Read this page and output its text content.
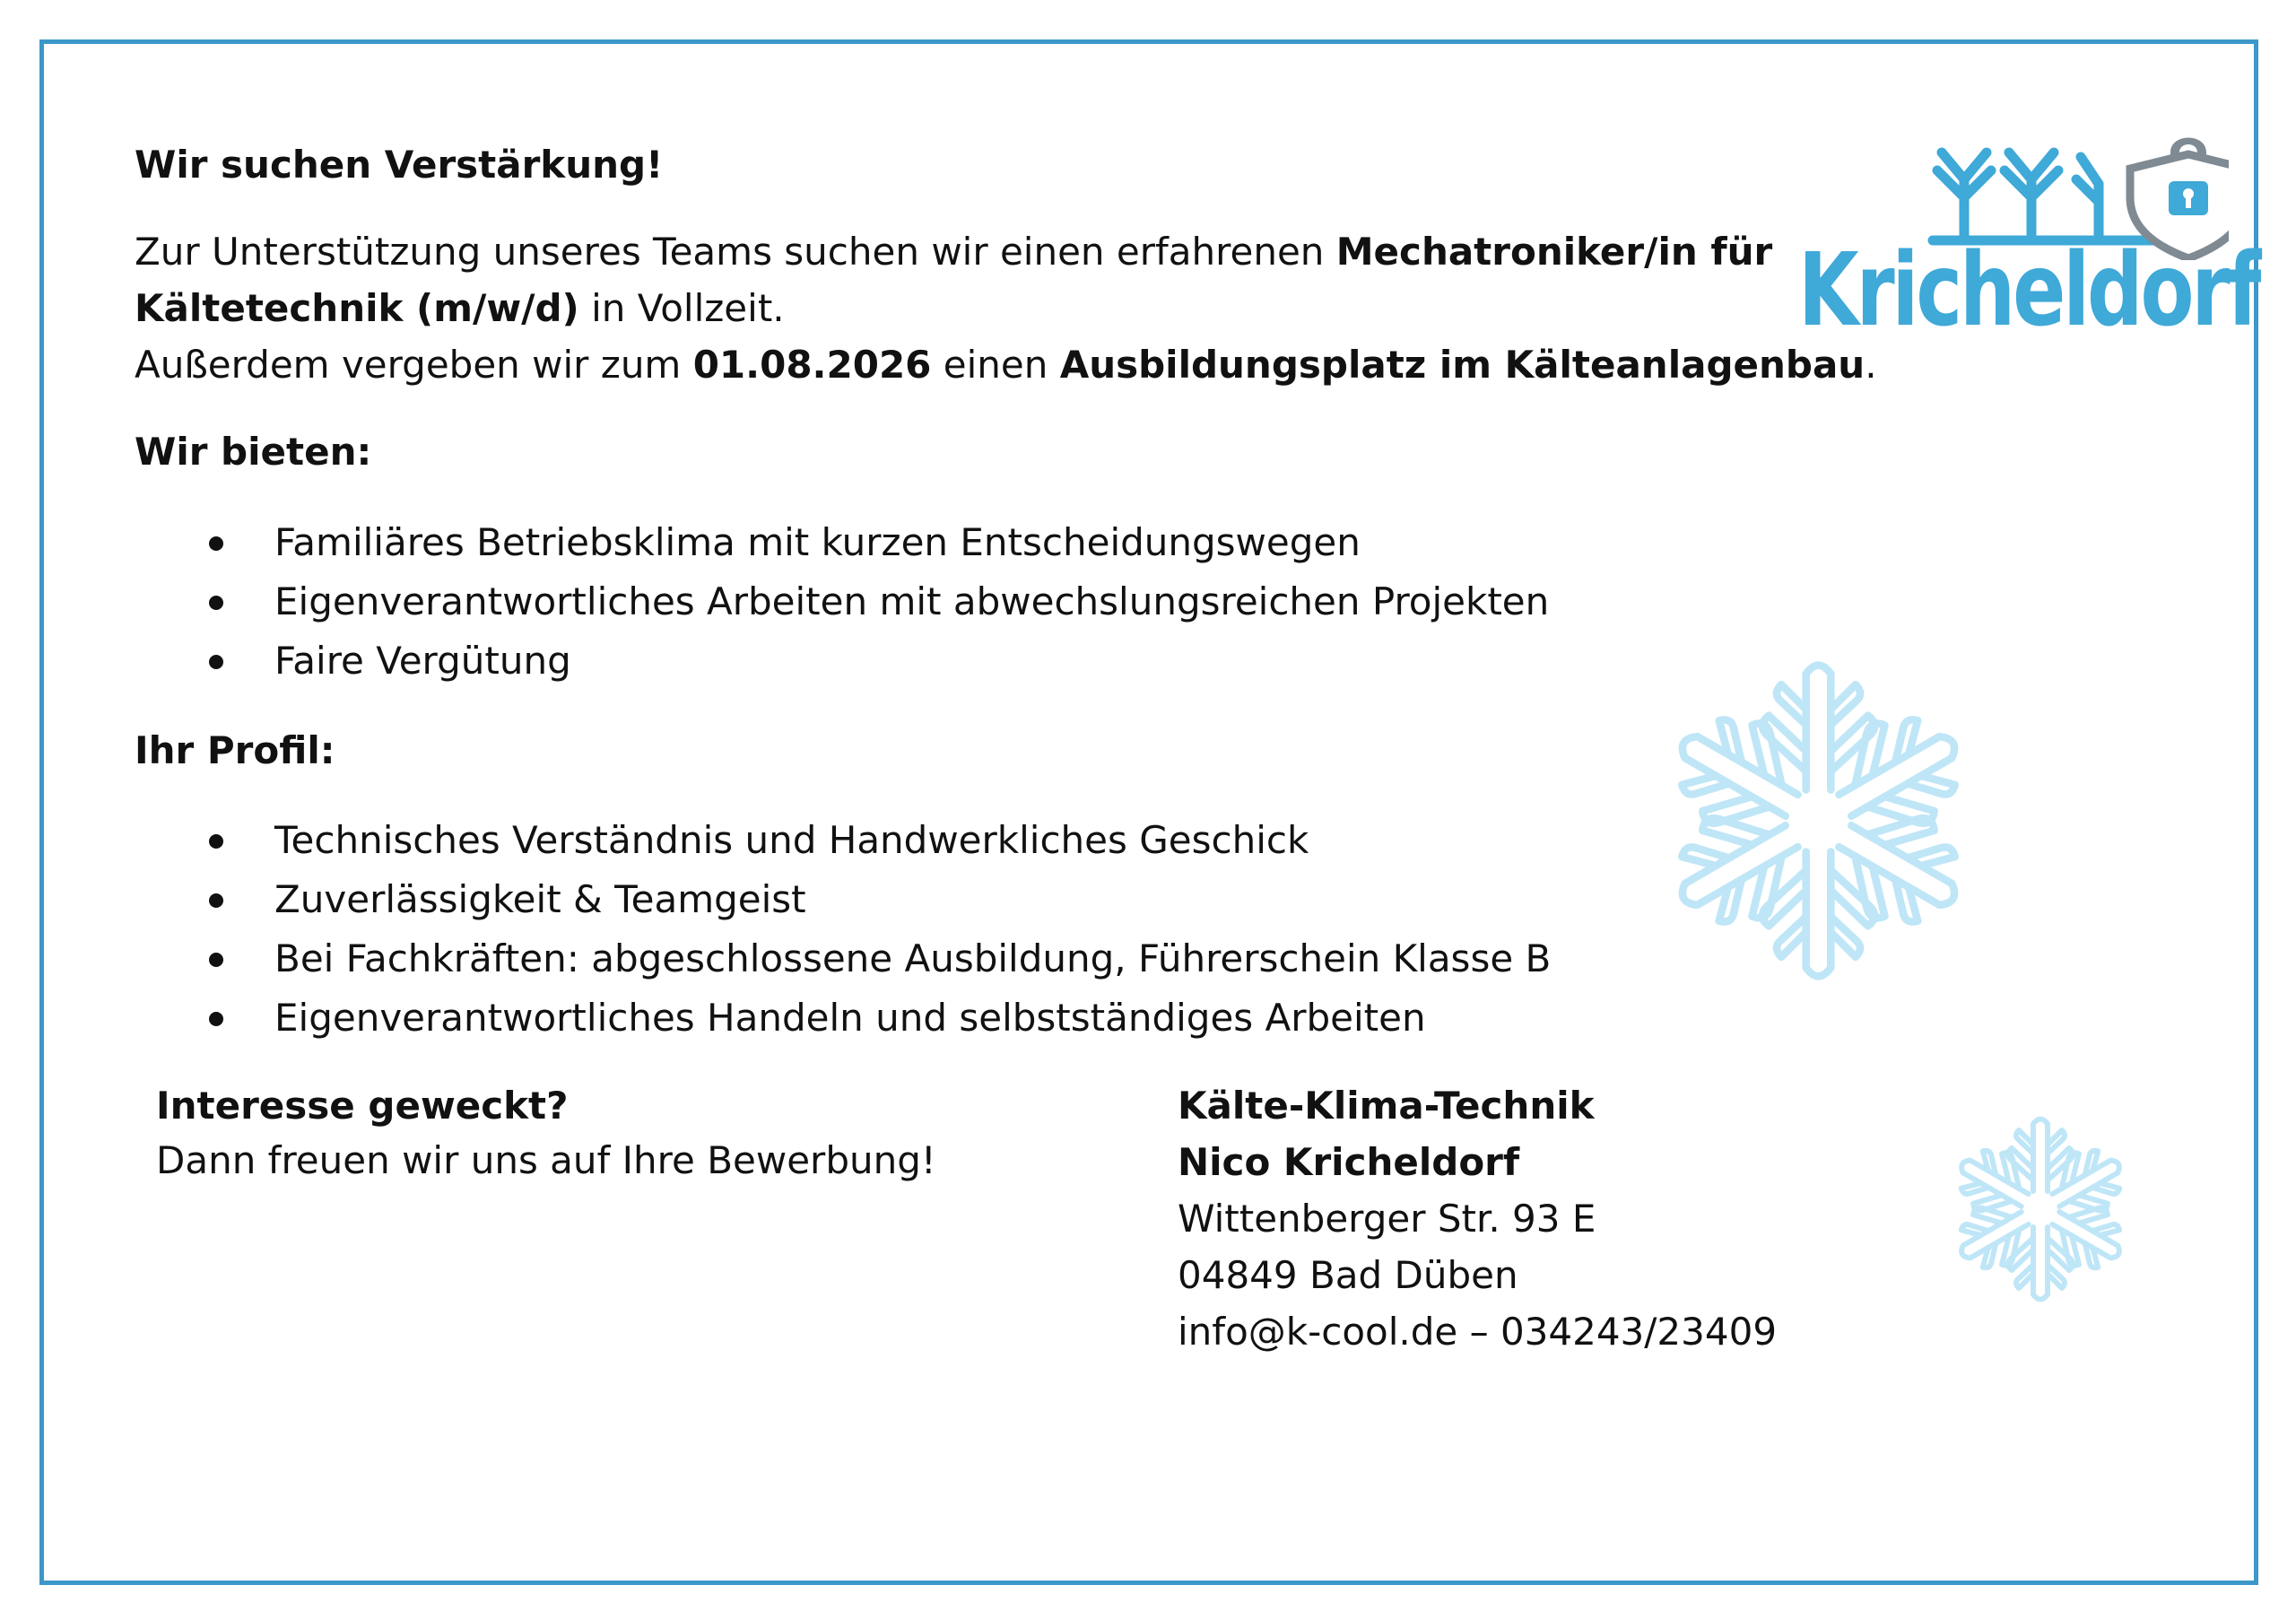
Kricheldorf
Wir suchen Verstärkung!
Zur Unterstützung unseres Teams suchen wir einen erfahrenen Mechatroniker/in für
Kältetechnik (m/w/d) in Vollzeit.
Außerdem vergeben wir zum 01.08.2026 einen Ausbildungsplatz im Kälteanlagenbau.
Wir bieten:
Familiäres Betriebsklima mit kurzen Entscheidungswegen
Eigenverantwortliches Arbeiten mit abwechslungsreichen Projekten
Faire Vergütung
Ihr Profil:
Technisches Verständnis und Handwerkliches Geschick
Zuverlässigkeit & Teamgeist
Bei Fachkräften: abgeschlossene Ausbildung, Führerschein Klasse B
Eigenverantwortliches Handeln und selbstständiges Arbeiten
Interesse geweckt?
Dann freuen wir uns auf Ihre Bewerbung!
Kälte-Klima-Technik
Nico Kricheldorf
Wittenberger Str. 93 E
04849 Bad Düben
info@k-cool.de – 034243/23409
